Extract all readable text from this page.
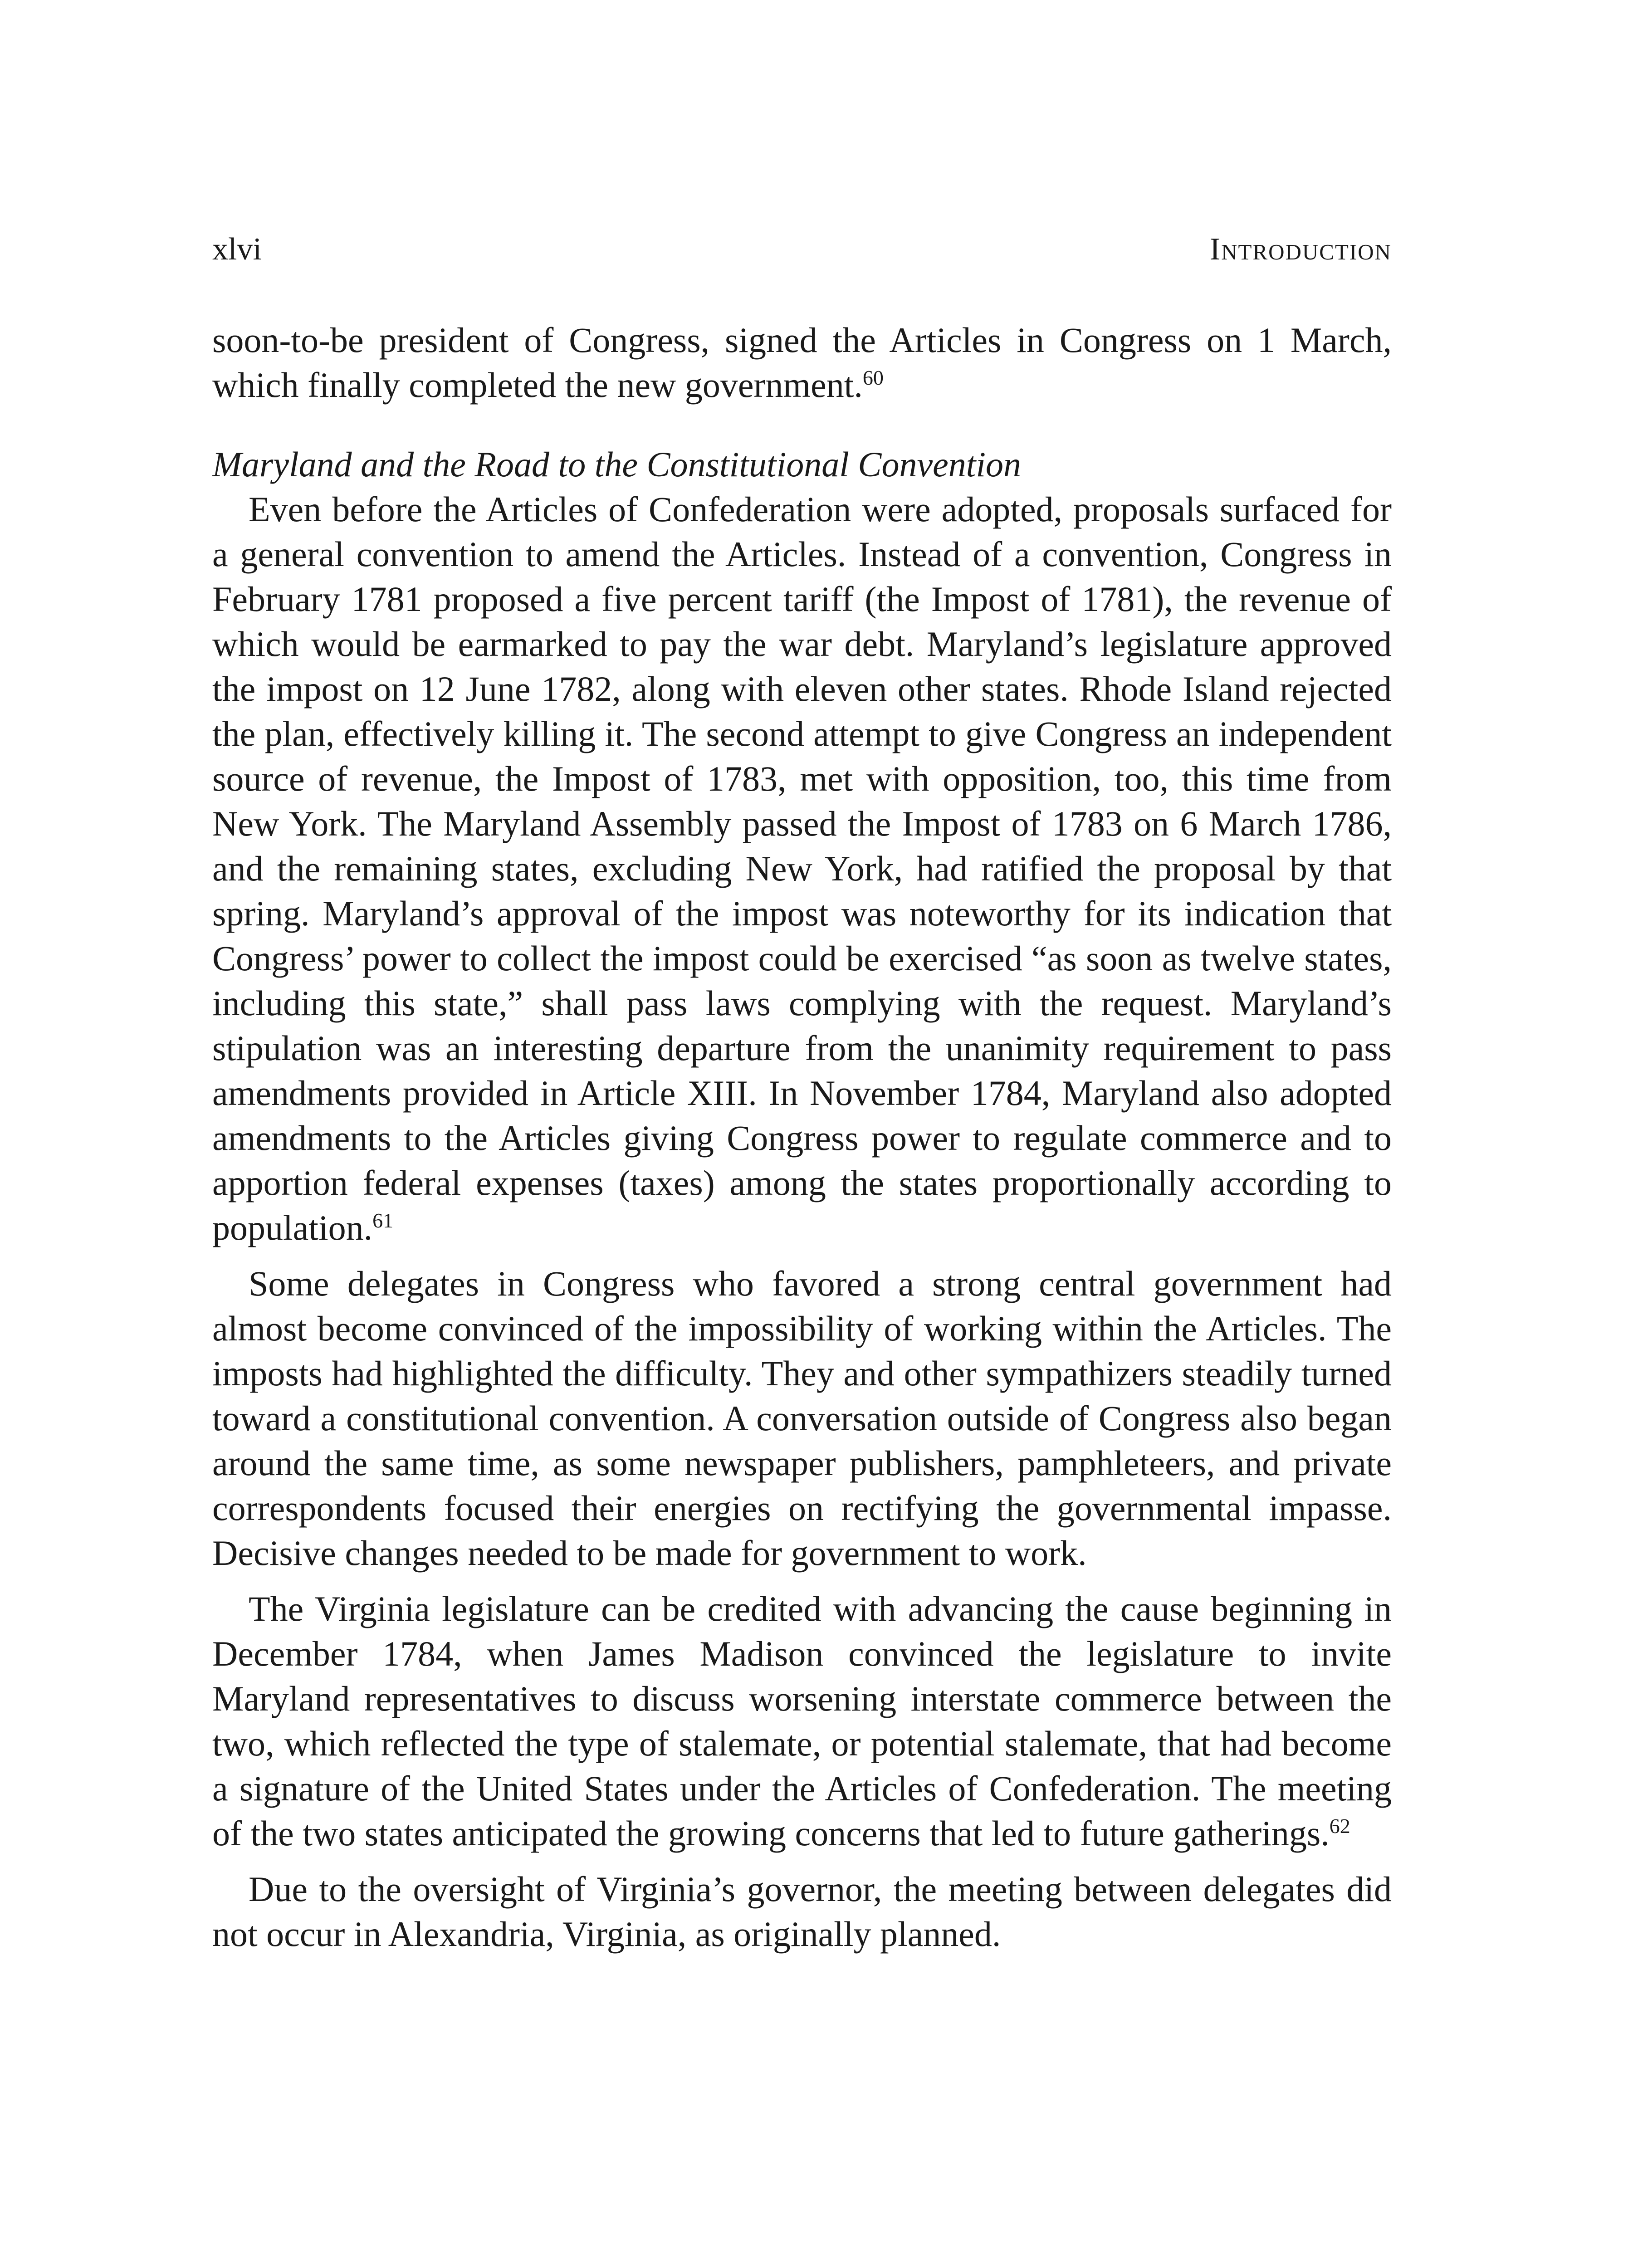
xlvi	Introduction

soon-to-be president of Congress, signed the Articles in Congress on 1 March, which finally completed the new government.$^{60}$

Maryland and the Road to the Constitutional Convention

Even before the Articles of Confederation were adopted, proposals surfaced for a general convention to amend the Articles. Instead of a convention, Congress in February 1781 proposed a five percent tariff (the Impost of 1781), the revenue of which would be earmarked to pay the war debt. Maryland’s legislature approved the impost on 12 June 1782, along with eleven other states. Rhode Island rejected the plan, effectively killing it. The second attempt to give Congress an independent source of revenue, the Impost of 1783, met with opposition, too, this time from New York. The Maryland Assembly passed the Impost of 1783 on 6 March 1786, and the remaining states, excluding New York, had ratified the proposal by that spring. Maryland’s approval of the impost was noteworthy for its indication that Congress’ power to collect the impost could be exercised “as soon as twelve states, including this state,” shall pass laws complying with the request. Maryland’s stipulation was an interesting departure from the unanimity requirement to pass amendments provided in Article XIII. In November 1784, Maryland also adopted amendments to the Articles giving Congress power to regulate commerce and to apportion federal expenses (taxes) among the states proportionally according to population.$^{61}$

Some delegates in Congress who favored a strong central government had almost become convinced of the impossibility of working within the Articles. The imposts had highlighted the difficulty. They and other sympathizers steadily turned toward a constitutional convention. A conversation outside of Congress also began around the same time, as some newspaper publishers, pamphleteers, and private correspondents focused their energies on rectifying the governmental impasse. Decisive changes needed to be made for government to work.

The Virginia legislature can be credited with advancing the cause beginning in December 1784, when James Madison convinced the legislature to invite Maryland representatives to discuss worsening interstate commerce between the two, which reflected the type of stalemate, or potential stalemate, that had become a signature of the United States under the Articles of Confederation. The meeting of the two states anticipated the growing concerns that led to future gatherings.$^{62}$

Due to the oversight of Virginia’s governor, the meeting between delegates did not occur in Alexandria, Virginia, as originally planned.
